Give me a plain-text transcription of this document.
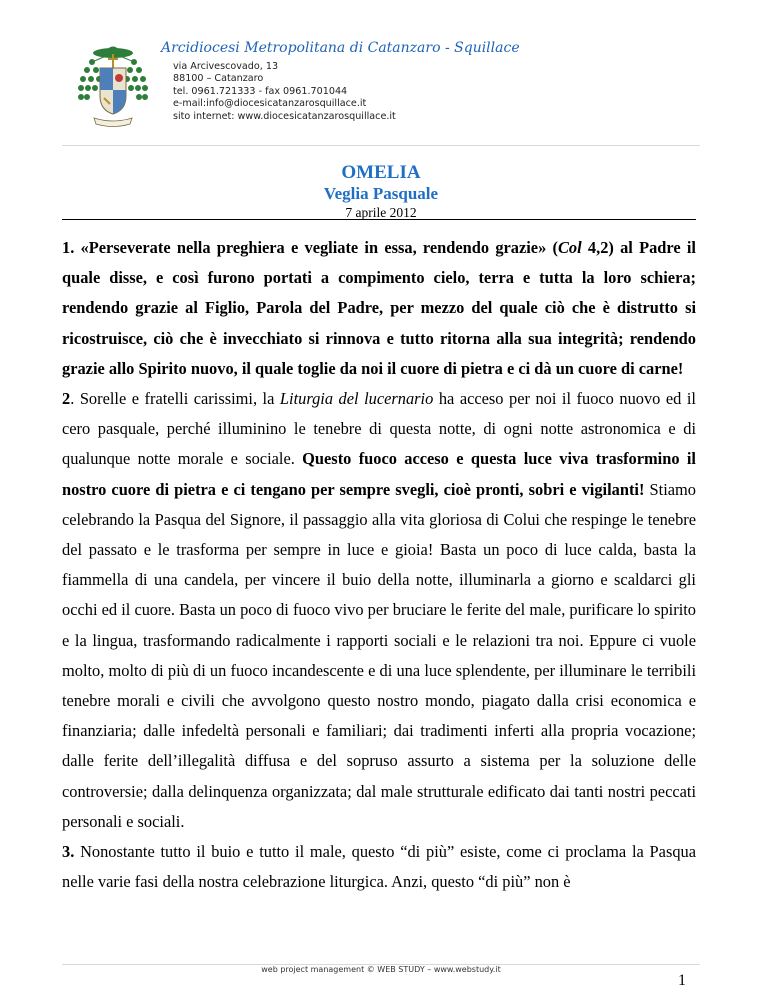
Arcidiocesi Metropolitana di Catanzaro - Squillace
via Arcivescovado, 13
88100 – Catanzaro
tel. 0961.721333 - fax 0961.701044
e-mail:info@diocesicatanzarosquillace.it
sito internet: www.diocesicatanzarosquillace.it
OMELIA
Veglia Pasquale
7 aprile 2012

1. «Perseverate nella preghiera e vegliate in essa, rendendo grazie» (Col 4,2) al Padre il quale disse, e così furono portati a compimento cielo, terra e tutta la loro schiera; rendendo grazie al Figlio, Parola del Padre, per mezzo del quale ciò che è distrutto si ricostruisce, ciò che è invecchiato si rinnova e tutto ritorna alla sua integrità; rendendo grazie allo Spirito nuovo, il quale toglie da noi il cuore di pietra e ci dà un cuore di carne!

2. Sorelle e fratelli carissimi, la Liturgia del lucernario ha acceso per noi il fuoco nuovo ed il cero pasquale, perché illuminino le tenebre di questa notte, di ogni notte astronomica e di qualunque notte morale e sociale. Questo fuoco acceso e questa luce viva trasformino il nostro cuore di pietra e ci tengano per sempre svegli, cioè pronti, sobri e vigilanti! Stiamo celebrando la Pasqua del Signore, il passaggio alla vita gloriosa di Colui che respinge le tenebre del passato e le trasforma per sempre in luce e gioia! Basta un poco di luce calda, basta la fiammella di una candela, per vincere il buio della notte, illuminarla a giorno e scaldarci gli occhi ed il cuore. Basta un poco di fuoco vivo per bruciare le ferite del male, purificare lo spirito e la lingua, trasformando radicalmente i rapporti sociali e le relazioni tra noi. Eppure ci vuole molto, molto di più di un fuoco incandescente e di una luce splendente, per illuminare le terribili tenebre morali e civili che avvolgono questo nostro mondo, piagato dalla crisi economica e finanziaria; dalle infedeltà personali e familiari; dai tradimenti inferti alla propria vocazione; dalle ferite dell’illegalità diffusa e del sopruso assurto a sistema per la soluzione delle controversie; dalla delinquenza organizzata; dal male strutturale edificato dai tanti nostri peccati personali e sociali.

3. Nonostante tutto il buio e tutto il male, questo “di più” esiste, come ci proclama la Pasqua nelle varie fasi della nostra celebrazione liturgica. Anzi, questo “di più” non è

web project management © WEB STUDY – www.webstudy.it
1
